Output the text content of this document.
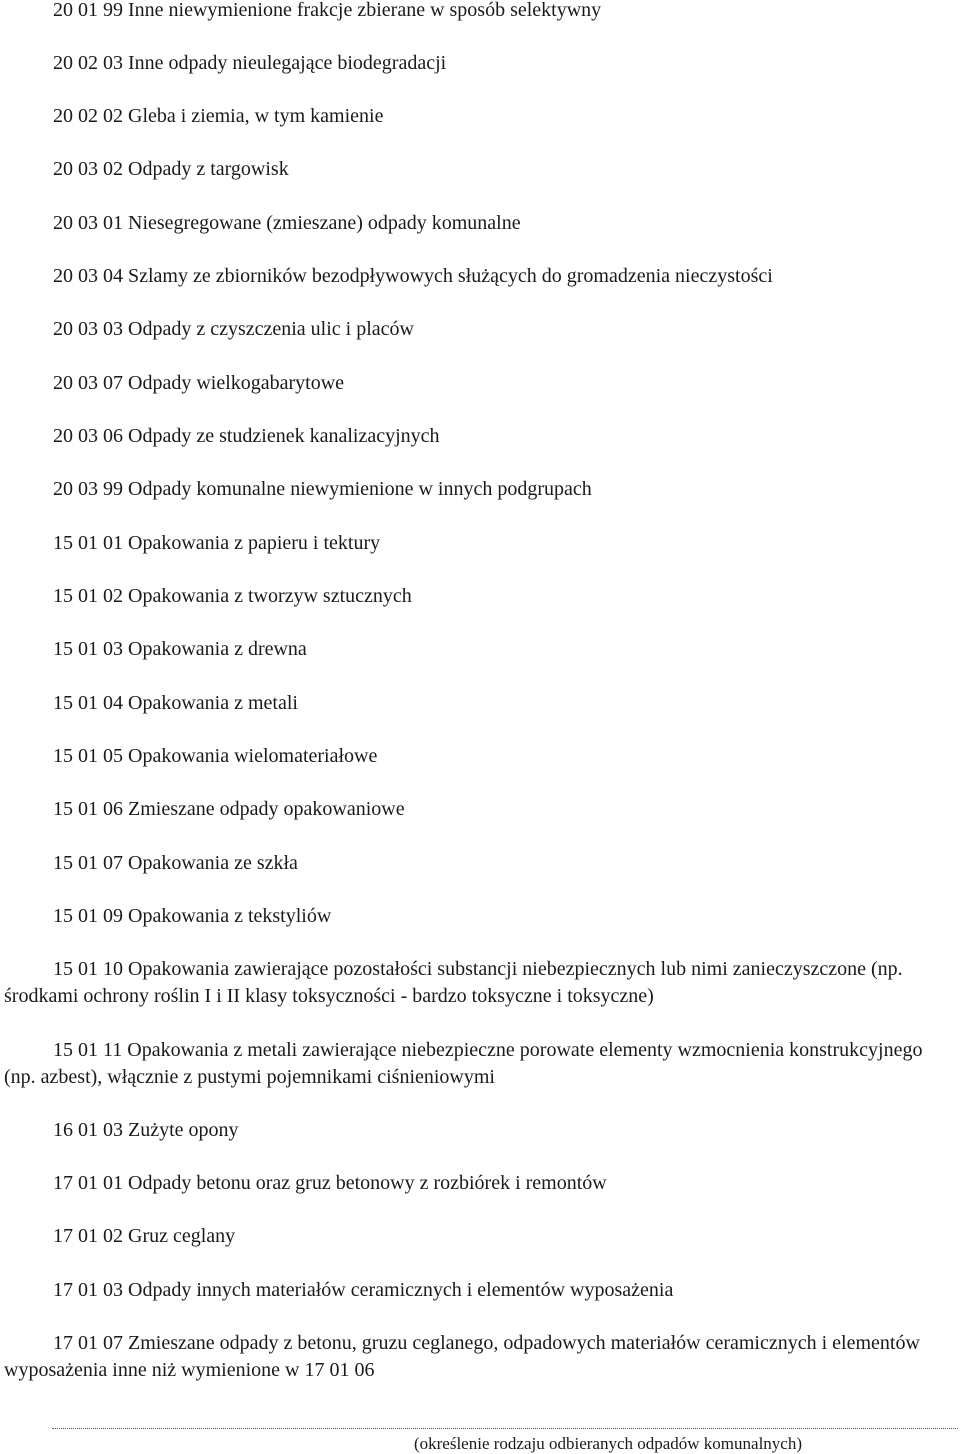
20 01 99 Inne niewymienione frakcje zbierane w sposób selektywny

20 02 03 Inne odpady nieulegające biodegradacji

20 02 02 Gleba i ziemia, w tym kamienie

20 03 02 Odpady z targowisk

20 03 01 Niesegregowane (zmieszane) odpady komunalne

20 03 04 Szlamy ze zbiorników bezodpływowych służących do gromadzenia nieczystości

20 03 03 Odpady z czyszczenia ulic i placów

20 03 07 Odpady wielkogabarytowe

20 03 06 Odpady ze studzienek kanalizacyjnych

20 03 99 Odpady komunalne niewymienione w innych podgrupach

15 01 01 Opakowania z papieru i tektury

15 01 02 Opakowania z tworzyw sztucznych

15 01 03 Opakowania z drewna

15 01 04 Opakowania z metali

15 01 05 Opakowania wielomateriałowe

15 01 06 Zmieszane odpady opakowaniowe

15 01 07 Opakowania ze szkła

15 01 09 Opakowania z tekstyliów

15 01 10 Opakowania zawierające pozostałości substancji niebezpiecznych lub nimi zanieczyszczone (np. środkami ochrony roślin I i II klasy toksyczności - bardzo toksyczne i toksyczne)

15 01 11 Opakowania z metali zawierające niebezpieczne porowate elementy wzmocnienia konstrukcyjnego (np. azbest), włącznie z pustymi pojemnikami ciśnieniowymi

16 01 03 Zużyte opony

17 01 01 Odpady betonu oraz gruz betonowy z rozbiórek i remontów

17 01 02 Gruz ceglany

17 01 03 Odpady innych materiałów ceramicznych i elementów wyposażenia

17 01 07 Zmieszane odpady z betonu, gruzu ceglanego, odpadowych materiałów ceramicznych i elementów wyposażenia inne niż wymienione w 17 01 06

(określenie rodzaju odbieranych odpadów komunalnych)
